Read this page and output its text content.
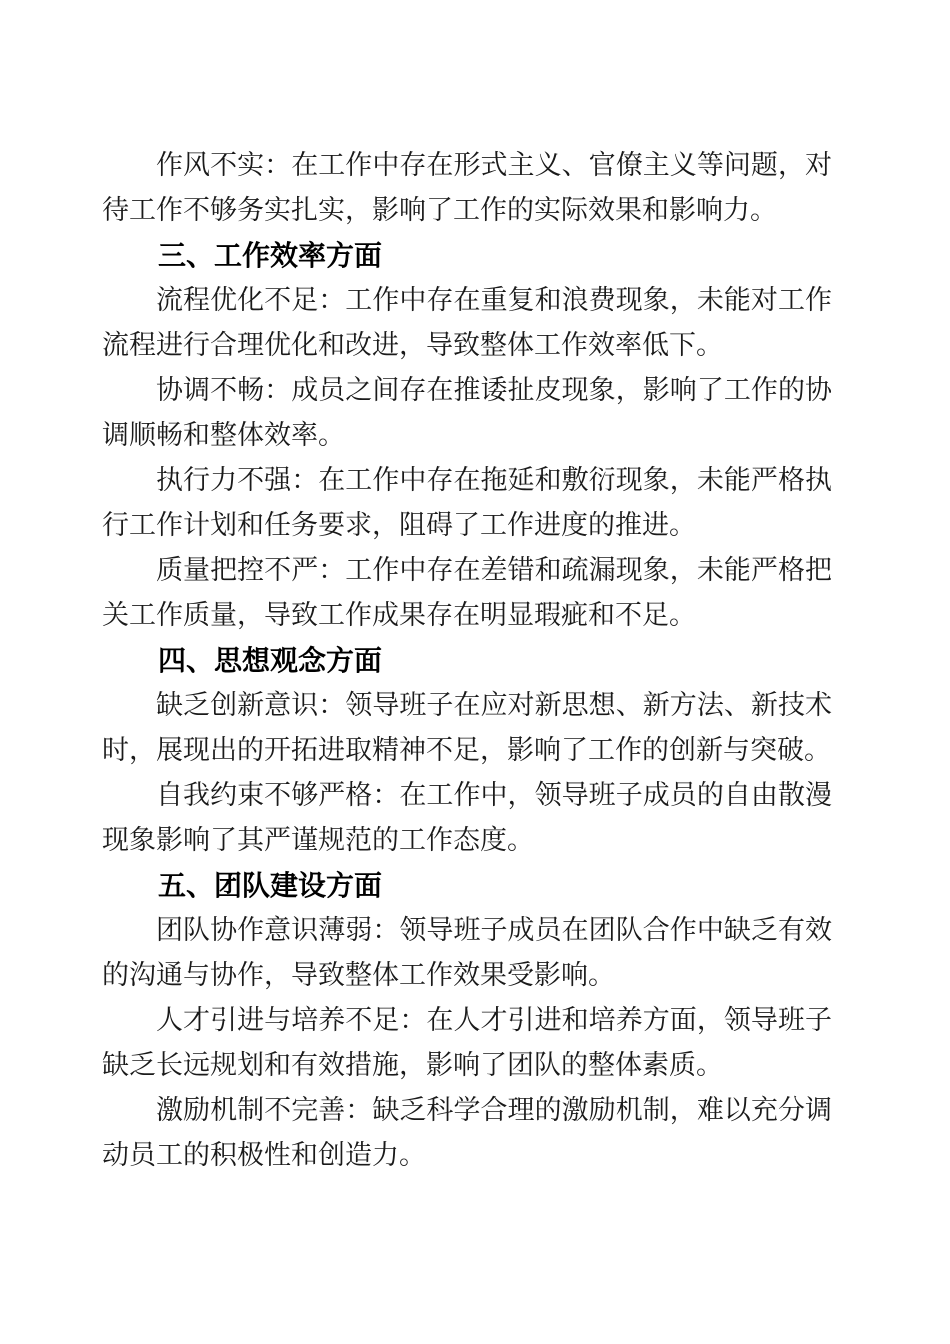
作风不实：在工作中存在形式主义、官僚主义等问题，对待工作不够务实扎实，影响了工作的实际效果和影响力。

三、工作效率方面

流程优化不足：工作中存在重复和浪费现象，未能对工作流程进行合理优化和改进，导致整体工作效率低下。

协调不畅：成员之间存在推诿扯皮现象，影响了工作的协调顺畅和整体效率。

执行力不强：在工作中存在拖延和敷衍现象，未能严格执行工作计划和任务要求，阻碍了工作进度的推进。

质量把控不严：工作中存在差错和疏漏现象，未能严格把关工作质量，导致工作成果存在明显瑕疵和不足。

四、思想观念方面

缺乏创新意识：领导班子在应对新思想、新方法、新技术时，展现出的开拓进取精神不足，影响了工作的创新与突破。

自我约束不够严格：在工作中，领导班子成员的自由散漫现象影响了其严谨规范的工作态度。

五、团队建设方面

团队协作意识薄弱：领导班子成员在团队合作中缺乏有效的沟通与协作，导致整体工作效果受影响。

人才引进与培养不足：在人才引进和培养方面，领导班子缺乏长远规划和有效措施，影响了团队的整体素质。

激励机制不完善：缺乏科学合理的激励机制，难以充分调动员工的积极性和创造力。
